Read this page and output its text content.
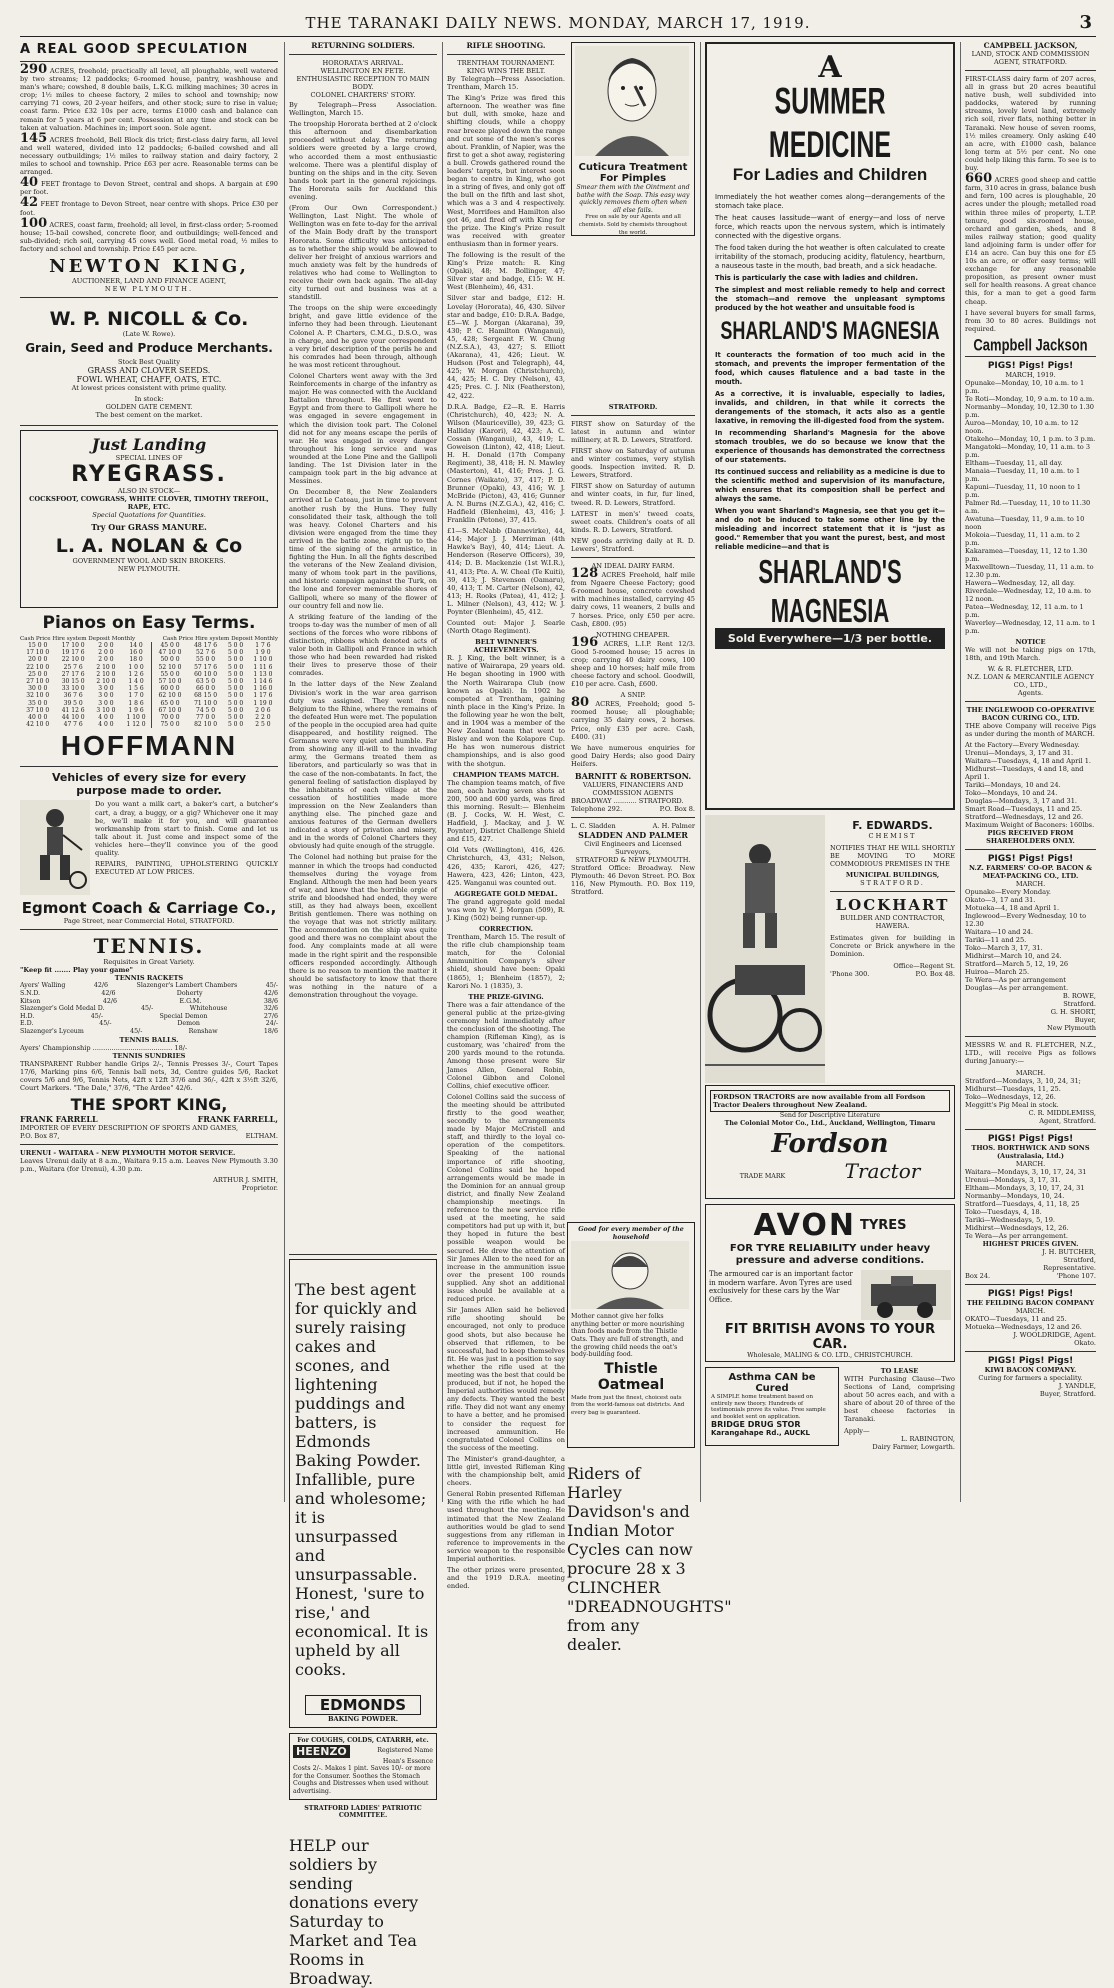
THE TARANAKI DAILY NEWS. MONDAY, MARCH 17, 1919.	3
A REAL GOOD SPECULATION

290 ACRES, freehold; practically all level, all ploughable, well watered by two streams; 12 paddocks; 6-roomed house, pantry, washhouse and man's whare; cowshed, 8 double bails, L.K.G. milking machines; 30 acres in crop; 1½ miles to cheese factory, 2 miles to school and township; now carrying 71 cows, 20 2-year heifers, and other stock; sure to rise in value; coast farm. Price £32 10s per acre, terms £1000 cash and balance can remain for 5 years at 6 per cent. Possession at any time and stock can be taken at valuation. Machines in; import soon. Sole agent.

145 ACRES freehold, Bell Block dis trict; first-class dairy farm, all level and well watered, divided into 12 paddocks; 6-bailed cowshed and all necessary outbuildings; 1½ miles to railway station and dairy factory, 2 miles to school and township. Price £63 per acre. Reasonable terms can be arranged.

40 FEET frontage to Devon Street, central and shops. A bargain at £90 per foot.

42 FEET frontage to Devon Street, near centre with shops. Price £30 per foot.

100 ACRES, coast farm, freehold; all level, in first-class order; 5-roomed house; 15-bail cowshed, concrete floor, and outbuildings; well-fenced and sub-divided; rich soil, carrying 45 cows well. Good metal road, ½ miles to factory and school and township. Price £45 per acre.

NEWTON KING,
AUCTIONEER, LAND AND FINANCE AGENT,
NEW PLYMOUTH.
W. P. NICOLL & Co.
(Late W. Rowe).
Grain, Seed and Produce Merchants.
Stock Best Quality
GRASS AND CLOVER SEEDS.
FOWL WHEAT, CHAFF, OATS, ETC.
At lowest prices consistent with prime quality.
In stock:
GOLDEN GATE CEMENT.
The best cement on the market.
Just Landing
SPECIAL LINES OF
RYEGRASS.
ALSO IN STOCK—
COCKSFOOT, COWGRASS, WHITE CLOVER, TIMOTHY TREFOIL, RAPE, ETC.
Special Quotations for Quantities.
Try Our GRASS MANURE.
L. A. NOLAN & Co
GOVERNMENT WOOL AND SKIN BROKERS.
NEW PLYMOUTH.
Pianos on Easy Terms.
Cash Price Hire system Deposit Monthly	Cash Price Hire system Deposit Monthly
15 0 0	17 10 0	2 0 0	14 0	45 0 0	48 17 6	5 0 0	1 7 6
17 10 0	19 17 6	2 0 0	16 0	47 10 0	52 7 6	5 0 0	1 9 0
20 0 0	22 10 0	2 0 0	18 0	50 0 0	55 0 0	5 0 0	1 10 0
22 10 0	25 7 6	2 10 0	1 0 0	52 10 0	57 17 6	5 0 0	1 11 6
25 0 0	27 17 6	2 10 0	1 2 6	55 0 0	60 10 0	5 0 0	1 13 0
27 10 0	30 15 0	2 10 0	1 4 0	57 10 0	63 5 0	5 0 0	1 14 6
30 0 0	33 10 0	3 0 0	1 5 6	60 0 0	66 0 0	5 0 0	1 16 0
32 10 0	36 7 6	3 0 0	1 7 0	62 10 0	68 15 0	5 0 0	1 17 6
35 0 0	39 5 0	3 0 0	1 8 6	65 0 0	71 10 0	5 0 0	1 19 0
37 10 0	41 12 6	3 10 0	1 9 6	67 10 0	74 5 0	5 0 0	2 0 6
40 0 0	44 10 0	4 0 0	1 10 0	70 0 0	77 0 0	5 0 0	2 2 0
42 10 0	47 7 6	4 0 0	1 12 0	75 0 0	82 10 0	5 0 0	2 5 0
HOFFMANN
Vehicles of every size for every
purpose made to order.

Do you want a milk cart, a baker's cart, a butcher's cart, a dray, a buggy, or a gig? Whichever one it may be, we'll make it for you, and will guarantee workmanship from start to finish. Come and let us talk about it. Just come and inspect some of the vehicles here—they'll convince you of the good quality.

REPAIRS, PAINTING, UPHOLSTERING QUICKLY EXECUTED AT LOW PRICES.

Egmont Coach & Carriage Co.,
Page Street, near Commercial Hotel, STRATFORD.
TENNIS.
Requisites in Great Variety.
"Keep fit ....... Play your game"
TENNIS RACKETS
Ayers' Walling	42/6	Slazenger's Lambert Chambers	45/-
S.N.D.	42/6	Doherty	42/6
Kitson	42/6	E.G.M.	38/6
Slazenger's Gold Medal D.	45/-	Whitehouse	32/6
H.D.	45/-	Special Demon	27/6
E.D.	45/-	Demon	24/-
Slazenger's Lyceum	45/-	Renshaw	18/6
TENNIS BALLS.
Ayers' Championship ...................................... 18/-
TENNIS SUNDRIES

TRANSPARENT Rubber handle Grips 2/-, Tennis Presses 3/-, Court Tapes 17/6, Marking pins 6/6, Tennis ball nets, 3d, Centre guides 5/6, Racket covers 5/6 and 9/6, Tennis Nets, 42ft x 12ft 37/6 and 36/-, 42ft x 3½ft 32/6, Court Markers. "The Dale," 37/6, "The Ardee" 42/6.

THE SPORT KING,
FRANK FARRELL	FRANK FARRELL,
IMPORTER OF EVERY DESCRIPTION OF SPORTS AND GAMES,
P.O. Box 87,	ELTHAM.
URENUI - WAITARA - NEW PLYMOUTH MOTOR SERVICE.

Leaves Urenui daily at 8 a.m., Waitara 9.15 a.m. Leaves New Plymouth 3.30 p.m., Waitara (for Urenui), 4.30 p.m.

ARTHUR J. SMITH,
Proprietor.
RETURNING SOLDIERS.
HORORATA'S ARRIVAL.
WELLINGTON EN FETE.
ENTHUSIASTIC RECEPTION TO MAIN BODY.
COLONEL CHARTERS' STORY.

By Telegraph—Press Association. Wellington, March 15.

The troopship Hororata berthed at 2 o'clock this afternoon and disembarkation proceeded without delay. The returning soldiers were greeted by a large crowd, who accorded them a most enthusiastic welcome. There was a plentiful display of bunting on the ships and in the city. Seven bands took part in the general rejoicings. The Hororata sails for Auckland this evening.

(From Our Own Correspondent.) Wellington, Last Night. The whole of Wellington was en fete to-day for the arrival of the Main Body draft by the transport Hororata. Some difficulty was anticipated as to whether the ship would be allowed to deliver her freight of anxious warriors and much anxiety was felt by the hundreds of relatives who had come to Wellington to receive their own back again. The all-day city turned out and business was at a standstill.

The troops on the ship were exceedingly bright, and gave little evidence of the inferno they had been through. Lieutenant Colonel A. P. Charters, C.M.G., D.S.O., was in charge, and he gave your correspondent a very brief description of the perils he and his comrades had been through, although he was most reticent throughout.

Colonel Charters went away with the 3rd Reinforcements in charge of the infantry as major. He was connected with the Auckland Battalion throughout. He first went to Egypt and from there to Gallipoli where he was engaged in severe engagement in which the division took part. The Colonel did not for any means escape the perils of war. He was engaged in every danger throughout his long service and was wounded at the Lone Pine and the Gallipoli landing. The 1st Division later in the campaign took part in the big advance at Messines.

On December 8, the New Zealanders arrived at Le Cateau, just in time to prevent another rush by the Huns. They fully consolidated their task, although the toll was heavy. Colonel Charters and his division were engaged from the time they arrived in the battle zone, right up to the time of the signing of the armistice, in fighting the Hun. In all the fights described the veterans of the New Zealand division, many of whom took part in the pavilions, and historic campaign against the Turk, on the lone and forever memorable shores of Gallipoli, where so many of the flower of our country fell and now lie.

A striking feature of the landing of the troops to-day was the number of men of all sections of the forces who wore ribbons of distinction, ribbons which denoted acts of valor both in Gallipoli and France in which those who had been rewarded had risked their lives to preserve those of their comrades.

In the latter days of the New Zealand Division's work in the war area garrison duty was assigned. They went from Belgium to the Rhine, where the remains of the defeated Hun were met. The population of the people in the occupied area had quite disappeared, and hostility reigned. The Germans were very quiet and humble. Far from showing any ill-will to the invading army, the Germans treated them as liberators, and particularly so was that in the case of the non-combatants. In fact, the general feeling of satisfaction displayed by the inhabitants of each village at the cessation of hostilities made more impression on the New Zealanders than anything else. The pinched gaze and anxious features of the German dwellers indicated a story of privation and misery, and in the words of Colonel Charters they obviously had quite enough of the struggle.

The Colonel had nothing but praise for the manner in which the troops had conducted themselves during the voyage from England. Although the men had been years of war, and knew that the horrible orgie of strife and bloodshed had ended, they were still, as they had always been, excellent British gentlemen. There was nothing on the voyage that was not strictly military. The accommodation on the ship was quite good and there was no complaint about the food. Any complaints made at all were made in the right spirit and the responsible officers responded accordingly. Although there is no reason to mention the matter it should be satisfactory to know that there was nothing in the nature of a demonstration throughout the voyage.

The best agent for quickly and surely raising cakes and scones, and lightening puddings and batters, is Edmonds Baking Powder. Infallible, pure and wholesome; it is unsurpassed and unsurpassable. Honest, 'sure to rise,' and economical. It is upheld by all cooks.

EDMONDS
BAKING POWDER.
For COUGHS, COLDS, CATARRH, etc.
HEENZO	Registered Name
Hean's Essence
Costs 2/-. Makes 1 pint. Saves 10/- or more for the Consumer. Soothes the Stomach Coughs and Distresses when used without advertising.
STRATFORD LADIES' PATRIOTIC COMMITTEE.

HELP our soldiers by sending donations every Saturday to Market and Tea Rooms in Broadway.

RIFLE SHOOTING.
TRENTHAM TOURNAMENT.
KING WINS THE BELT.

By Telegraph—Press Association. Trentham, March 15.

The King's Prize was fired this afternoon. The weather was fine but dull, with smoke, haze and shifting clouds, while a choppy rear breeze played down the range and cut some of the men's scores about. Franklin, of Napier, was the first to get a shot away, registering a bull. Crowds gathered round the leaders' targets, but interest soon began to centre in King, who got in a string of fives, and only got off the bull on the fifth and last shot, which was a 3 and 4 respectively. West, Morrifees and Hamilton also got 46, and fired off with King for the prize. The King's Prize result was received with greater enthusiasm than in former years.

The following is the result of the King's Prize match: R. King (Opaki), 48; M. Bollinger, 47; Silver star and badge, £15: W. H. West (Blenheim), 46, 431.

Silver star and badge, £12: H. Lovelay (Hororata), 46, 430. Silver star and badge, £10: D.R.A. Badge, £5—W. J. Morgan (Akarana), 39, 430; P. C. Hamilton (Wanganui), 45, 428; Sergeant F. W. Chung (N.Z.S.A.), 43, 427; S. Elliott (Akarana), 41, 426; Lieut. W. Hudson (Post and Telegraph), 44, 425; W. Morgan (Christchurch), 44, 425; H. C. Dry (Nelson), 43, 425; Pres. C. J. Nix (Featherston), 42, 422.

Cuticura Treatment For Pimples
Smear them with the Ointment and bathe with the Soap. This easy way quickly removes them often when all else fails.
Free on sale by our Agents and all chemists. Sold by chemists throughout the world.

D.R.A. Badge, £2—R. E. Harris (Christchurch), 40, 423; N. A. Wilson (Mauriceville), 39, 423; G. Halliday (Karori), 42, 423; A. C. Cossan (Wanganui), 43, 419; L. Goweison (Linton), 42, 418; Lieut. H. H. Donald (17th Company Regiment), 38, 418; H. N. Mawley (Masterton), 41, 416; Pres. J. G. Cornes (Waikato), 37, 417; P. D. Brunner (Opaki), 43, 416; W. J. McBride (Picton), 43, 416; Gunner A. N. Burns (N.Z.G.A.), 42, 416; C. Hadfield (Blenheim), 43, 416; J. Franklin (Petone), 37, 415.

£1—S. McNabb (Dannevirke), 44, 414; Major J. J. Merriman (4th Hawke's Bay), 40, 414; Lieut. A. Henderson (Reserve Officers), 39, 414; D. B. Mackenzie (1st W.I.R.), 41, 413; Pte. A. W. Cheal (Te Kuiti), 39, 413; J. Stevenson (Oamaru), 40, 413; T. M. Carter (Nelson), 42, 413; H. Rooks (Patea), 41, 412; J. L. Milner (Nelson), 43, 412; W. J. Poynter (Blenheim), 45, 412.

Counted out: Major J. Searle (North Otago Regiment).

BELT WINNER'S ACHIEVEMENTS.

R. J. King, the belt winner, is a native of Wairarapa, 29 years old. He began shooting in 1900 with the North Wairarapa Club (now known as Opaki). In 1902 he competed at Trentham, gaining ninth place in the King's Prize. In the following year he won the belt, and in 1904 was a member of the New Zealand team that went to Bisley and won the Kolapore Cup. He has won numerous district championships, and is also good with the shotgun.

CHAMPION TEAMS MATCH.

The champion teams match, of five men, each having seven shots at 200, 500 and 600 yards, was fired this morning. Result:— Blenheim (B. J. Cocks, W. H. West, C. Hadfield, J. Mackay, and J. W. Poynter), District Challenge Shield and £15, 427.

Old Vets (Wellington), 416, 426. Christchurch, 43, 431; Nelson, 426, 435; Karori, 426, 427; Hawera, 423, 426; Linton, 423, 425. Wanganui was counted out.

AGGREGATE GOLD MEDAL.

The grand aggregate gold medal was won by W. J. Morgan (509), R. J. King (502) being runner-up.

CORRECTION.

Trentham, March 15. The result of the rifle club championship team match, for the Colonial Ammunition Company's silver shield, should have been: Opaki (1865), 1; Blenheim (1857), 2; Karori No. 1 (1835), 3.

THE PRIZE-GIVING.

There was a fair attendance of the general public at the prize-giving ceremony held immediately after the conclusion of the shooting. The champion (Rifleman King), as is customary, was 'chaired' from the 200 yards mound to the rotunda. Among those present were Sir James Allen, General Robin, Colonel Gibbon and Colonel Collins, chief executive officer.

Colonel Collins said the success of the meeting should be attributed firstly to the good weather, secondly to the arrangements made by Major McCristell and staff, and thirdly to the loyal co-operation of the competitors. Speaking of the national importance of rifle shooting, Colonel Collins said he hoped arrangements would be made in the Dominion for an annual group district, and finally New Zealand championship meetings. In reference to the new service rifle used at the meeting, he said competitors had put up with it, but they hoped in future the best possible weapon would be secured. He drew the attention of Sir James Allen to the need for an increase in the ammunition issue over the present 100 rounds supplied. Any shot an additional issue should be available at a reduced price.

Sir James Allen said he believed rifle shooting should be encouraged, not only to produce good shots, but also because he observed that riflemen, to be successful, had to keep themselves fit. He was just in a position to say whether the rifle used at the meeting was the best that could be produced, but if not, he hoped the Imperial authorities would remedy any defects. They wanted the best rifle. They did not want any enemy to have a better, and he promised to consider the request for increased ammunition. He congratulated Colonel Collins on the success of the meeting.

The Minister's grand-daughter, a little girl, invested Rifleman King with the championship belt, amid cheers.

General Robin presented Rifleman King with the rifle which he had used throughout the meeting. He intimated that the New Zealand authorities would be glad to send suggestions from any rifleman in reference to improvements in the service weapon to the responsible Imperial authorities.

The other prizes were presented, and the 1919 D.R.A. meeting ended.

STRATFORD.

FIRST show on Saturday of the latest in autumn and winter millinery, at R. D. Lewers, Stratford.

FIRST show on Saturday of autumn and winter costumes, very stylish goods. Inspection invited. R. D. Lewers, Stratford.

FIRST show on Saturday of autumn and winter coats, in fur, fur lined, tweed. R. D. Lewers, Stratford.

LATEST in men's' tweed coats, sweet coats. Children's coats of all kinds. R. D. Lewers, Stratford.

NEW goods arriving daily at R. D. Lewers', Stratford.

AN IDEAL DAIRY FARM.

128 ACRES Freehold, half mile from Ngaere Cheese Factory; good 6-roomed house, concrete cowshed with machines installed, carrying 45 dairy cows, 11 weaners, 2 bulls and 7 horses. Price, only £50 per acre. Cash, £800. (95)

NOTHING CHEAPER.

196 ACRES, L.I.P. Rent 12/3. Good 5-roomed house; 15 acres in crop; carrying 40 dairy cows, 100 sheep and 10 horses; half mile from cheese factory and school. Goodwill, £10 per acre. Cash, £600.

A SNIP.

80 ACRES, Freehold; good 5-roomed house; all ploughable; carrying 35 dairy cows, 2 horses. Price, only £35 per acre. Cash, £400. (31)

We have numerous enquiries for good Dairy Herds; also good Dairy Heifers.

BARNITT & ROBERTSON.
VALUERS, FINANCIERS AND COMMISSION AGENTS
BROADWAY ........... STRATFORD.
Telephone 292.	P.O. Box 8.
L. C. Sladden	A. H. Palmer
SLADDEN AND PALMER
Civil Engineers and Licensed Surveyors,
STRATFORD & NEW PLYMOUTH.

Stratford Office: Broadway. New Plymouth: 46 Devon Street. P.O. Box 116, New Plymouth. P.O. Box 119, Stratford.

Good for every member of the household
Mother cannot give her folks anything better or more nourishing than foods made from the Thistle Oats. They are full of strength, and the growing child needs the oat's body-building food.
Thistle Oatmeal
Made from just the finest, choicest oats from the world-famous oat districts. And every bag is guaranteed.

Riders of Harley Davidson's and Indian Motor Cycles can now procure 28 x 3 CLINCHER "DREADNOUGHTS" from any dealer.

A
SUMMER MEDICINE
For Ladies and Children

Immediately the hot weather comes along—derangements of the stomach take place.

The heat causes lassitude—want of energy—and loss of nerve force, which reacts upon the nervous system, which is intimately connected with the digestive organs.

The food taken during the hot weather is often calculated to create irritability of the stomach, producing acidity, flatulency, heartburn, a nauseous taste in the mouth, bad breath, and a sick headache.

This is particularly the case with ladies and children.

The simplest and most reliable remedy to help and correct the stomach—and remove the unpleasant symptoms produced by the hot weather and unsuitable food is

SHARLAND'S MAGNESIA

It counteracts the formation of too much acid in the stomach, and prevents the improper fermentation of the food, which causes flatulence and a bad taste in the mouth.

As a corrective, it is invaluable, especially to ladies, invalids, and children, in that while it corrects the derangements of the stomach, it acts also as a gentle laxative, in removing the ill-digested food from the system.

In recommending Sharland's Magnesia for the above stomach troubles, we do so because we know that the experience of thousands has demonstrated the correctness of our statements.

Its continued success and reliability as a medicine is due to the scientific method and supervision of its manufacture, which ensures that its composition shall be perfect and always the same.

When you want Sharland's Magnesia, see that you get it—and do not be induced to take some other line by the misleading and incorrect statement that it is "just as good." Remember that you want the purest, best, and most reliable medicine—and that is

SHARLAND'S MAGNESIA
Sold Everywhere—1/3 per bottle.
F. EDWARDS.
CHEMIST

NOTIFIES THAT HE WILL SHORTLY BE MOVING TO MORE COMMODIOUS PREMISES IN THE

MUNICIPAL BUILDINGS,
STRATFORD.
LOCKHART
BUILDER AND CONTRACTOR, HAWERA.

Estimates given for building in Concrete or Brick anywhere in the Dominion.

Office—Regent St.
'Phone 300.	P.O. Box 48.
FORDSON TRACTORS are now available from all Fordson Tractor Dealers throughout New Zealand.
Send for Descriptive Literature
The Colonial Motor Co., Ltd., Auckland, Wellington, Timaru
Fordson
TRADE MARK	Tractor
AVON TYRES
FOR TYRE RELIABILITY under heavy pressure and adverse conditions.
The armoured car is an important factor in modern warfare. Avon Tyres are used exclusively for these cars by the War Office.
FIT BRITISH AVONS TO YOUR CAR.
Wholesale, MALING & CO. LTD., CHRISTCHURCH.
Asthma CAN be Cured
A SIMPLE home treatment based on entirely new theory. Hundreds of testimonials prove its value. Free sample and booklet sent on application.
BRIDGE DRUG STOR
Karangahape Rd., AUCKL
TO LEASE

WITH Purchasing Clause—Two Sections of Land, comprising about 50 acres each, and with a share of about 20 of three of the best cheese factories in Taranaki.

Apply—
L. RABINGTON,
Dairy Farmer, Lowgarth.
CAMPBELL JACKSON,
LAND, STOCK AND COMMISSION AGENT, STRATFORD.

FIRST-CLASS dairy farm of 207 acres, all in grass but 20 acres beautiful native bush, well subdivided into paddocks, watered by running streams, lovely level land, extremely rich soil, river flats, nothing better in Taranaki. New house of seven rooms, 1½ miles creamery. Only asking £40 an acre, with £1000 cash, balance long term at 5½ per cent. No one could help liking this farm. To see is to buy.

660 ACRES good sheep and cattle farm, 310 acres in grass, balance bush and fern, 100 acres is ploughable, 20 acres under the plough; metalled road within three miles of property, L.T.P. tenure, good six-roomed house, orchard and garden, sheds, and 8 miles railway station; good quality land adjoining farm is under offer for £14 an acre. Can buy this one for £5 10s an acre, or offer easy terms; will exchange for any reasonable proposition, as present owner must sell for health reasons. A great chance this, for a man to get a good farm cheap.

I have several buyers for small farms, from 30 to 80 acres. Buildings not required.

Campbell Jackson
PIGS! Pigs! Pigs!
MARCH, 1919.
Opunake—Monday, 10, 10 a.m. to 1 p.m.
Te Roti—Monday, 10, 9 a.m. to 10 a.m.
Normanby—Monday, 10, 12.30 to 1.30 p.m.
Auroa—Monday, 10, 10 a.m. to 12 noon.
Otakeho—Monday, 10, 1 p.m. to 3 p.m.
Mangatoki—Monday, 10, 11 a.m. to 3 p.m.
Eltham—Tuesday, 11, all day.
Manaia—Tuesday, 11, 10 a.m. to 1 p.m.
Kapuni—Tuesday, 11, 10 noon to 1 p.m.
Palmer Rd.—Tuesday, 11, 10 to 11.30 a.m.
Awatuna—Tuesday, 11, 9 a.m. to 10 noon
Mokoia—Tuesday, 11, 11 a.m. to 2 p.m.
Kakaramea—Tuesday, 11, 12 to 1.30 p.m.
Maxwelltown—Tuesday, 11, 11 a.m. to 12.30 p.m.
Hawera—Wednesday, 12, all day.
Riverdale—Wednesday, 12, 10 a.m. to 12 noon.
Patea—Wednesday, 12, 11 a.m. to 1 p.m.
Waverley—Wednesday, 12, 11 a.m. to 1 p.m.
NOTICE

We will not be taking pigs on 17th, 18th, and 19th March.

W. & R. FLETCHER, LTD.
N.Z. LOAN & MERCANTILE AGENCY CO., LTD.,
Agents.
THE INGLEWOOD CO-OPERATIVE BACON CURING CO., LTD.

THE above Company will receive Pigs as under during the month of MARCH.

At the Factory—Every Wednesday.
Urenui—Mondays, 3, 17 and 31.
Waitara—Tuesdays, 4, 18 and April 1.
Midhurst—Tuesdays, 4 and 18, and April 1.
Tariki—Mondays, 10 and 24.
Toko—Mondays, 10 and 24.
Douglas—Mondays, 3, 17 and 31.
Smart Road—Tuesdays, 11 and 25.
Stratford—Wednesdays, 12 and 26.
Maximum Weight of Baconers: 160lbs.
PIGS RECEIVED FROM SHAREHOLDERS ONLY.
PIGS! Pigs! Pigs!
N.Z. FARMERS' CO-OP. BACON & MEAT-PACKING CO., LTD.
MARCH.
Opunake—Every Monday.
Okato—3, 17 and 31.
Motueka—4, 18 and April 1.
Inglewood—Every Wednesday, 10 to 12.30
Waitara—10 and 24.
Tariki—11 and 25.
Toko—March 3, 17, 31.
Midhirst—March 10, and 24.
Stratford—March 5, 12, 19, 26
Huiroa—March 25.
Te Wera—As per arrangement
Douglas—As per arrangement.
B. ROWE,
Stratford.
G. H. SHORT,
Buyer,
New Plymouth

MESSRS W. and R. FLETCHER, N.Z., LTD., will receive Pigs as follows during January:—

MARCH.
Stratford—Mondays, 3, 10, 24, 31;
Midhurst—Tuesdays, 11, 25.
Toko—Wednesdays, 12, 26.
Meggitt's Pig Meal in stock.
C. R. MIDDLEMISS,
Agent, Stratford.
PIGS! Pigs! Pigs!
THOS. BORTHWICK AND SONS (Australasia, Ltd.)
MARCH.
Waitara—Mondays, 3, 10, 17, 24, 31
Urenui—Mondays, 3, 17, 31.
Eltham—Mondays, 3, 10, 17, 24, 31
Normanby—Mondays, 10, 24.
Stratford—Tuesdays, 4, 11, 18, 25
Toko—Tuesdays, 4, 18.
Tariki—Wednesdays, 5, 19.
Midhirst—Wednesdays, 12, 26.
Te Wera—As per arrangement.
HIGHEST PRICES GIVEN.
J. H. BUTCHER,
Stratford,
Representative.
Box 24.	'Phone 107.
PIGS! Pigs! Pigs!
THE FEILDING BACON COMPANY
MARCH.
OKATO—Tuesdays, 11 and 25.
Motueka—Wednesdays, 12 and 26.
J. WOOLDRIDGE, Agent.
Okato.
PIGS! Pigs! Pigs!
KIWI BACON COMPANY.
Curing for farmers a speciality.
J. YANDLE,
Buyer, Stratford.
